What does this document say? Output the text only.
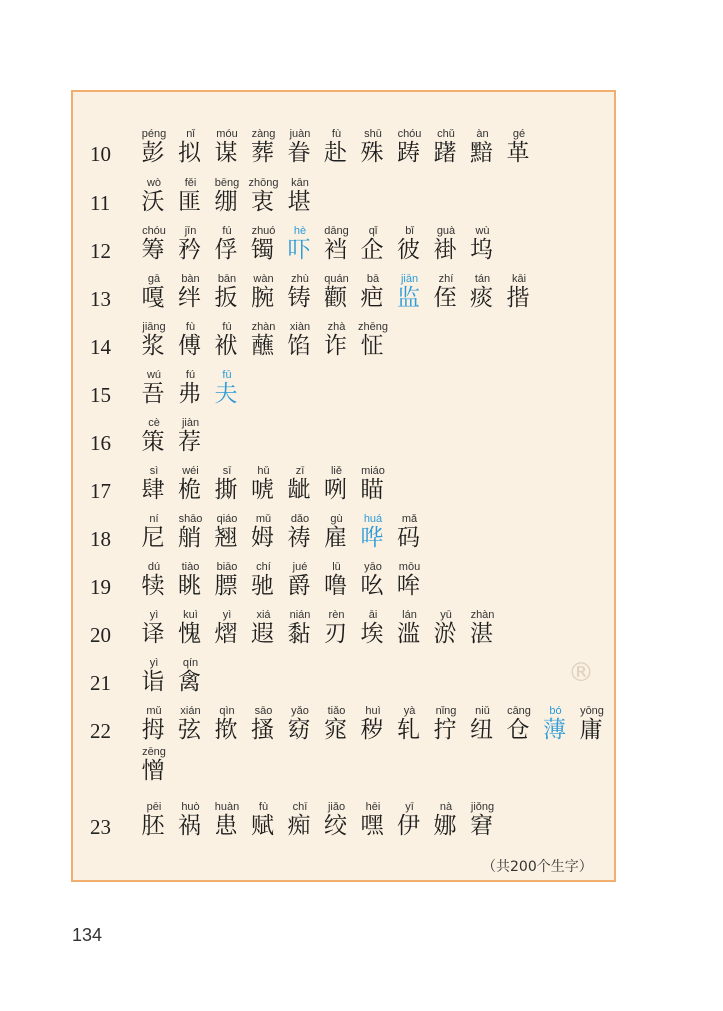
10
péng
彭
nǐ
拟
móu
谋
zàng
葬
juàn
眷
fù
赴
shū
殊
chóu
踌
chǔ
躇
àn
黯
gé
革
11
wò
沃
fěi
匪
bēng
绷
zhōng
衷
kān
堪
12
chóu
筹
jīn
矜
fú
俘
zhuó
镯
hè
吓
dāng
裆
qǐ
企
bǐ
彼
guà
褂
wù
坞
13
gā
嘎
bàn
绊
bān
扳
wàn
腕
zhù
铸
quán
颧
bā
疤
jiān
监
zhí
侄
tán
痰
kāi
揩
14
jiāng
浆
fù
傅
fú
袱
zhàn
蘸
xiàn
馅
zhà
诈
zhēng
怔
15
wú
吾
fú
弗
fū
夫
16
cè
策
jiàn
荐
17
sì
肆
wéi
桅
sī
撕
hǔ
唬
zī
龇
liě
咧
miáo
瞄
18
ní
尼
shāo
艄
qiáo
翘
mǔ
姆
dǎo
祷
gù
雇
huá
哗
mǎ
码
19
dú
犊
tiào
眺
biāo
膘
chí
驰
jué
爵
lū
噜
yāo
吆
mōu
哞
20
yì
译
kuì
愧
yì
熠
xiá
遐
nián
黏
rèn
刃
āi
埃
lán
滥
yū
淤
zhàn
湛
21
yì
诣
qín
禽
22
mǔ
拇
xián
弦
qìn
揿
sāo
搔
yǎo
窈
tiǎo
窕
huì
秽
yà
轧
nǐng
拧
niǔ
纽
cāng
仓
bó
薄
yōng
庸
23
pēi
胚
huò
祸
huàn
患
fù
赋
chī
痴
jiǎo
绞
hēi
嘿
yī
伊
nà
娜
jiǒng
窘
zēng
憎
®
（共200个生字）
134
